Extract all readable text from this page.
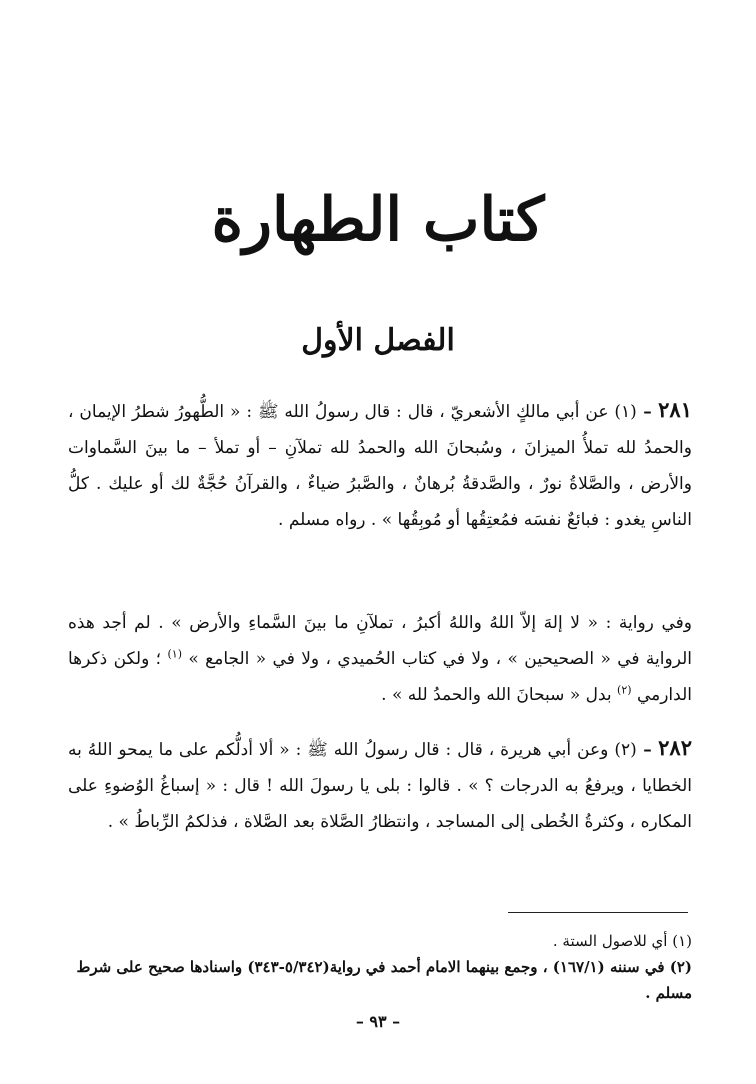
كتاب الطهارة
الفصل الأول

٢٨١ – (١) عن أبي مالكٍ الأشعريّ ، قال : قال رسولُ الله ﷺ : « الطُّهورُ شطرُ الإيمان ، والحمدُ لله تملأُ الميزانَ ، وسُبحانَ الله والحمدُ لله تملآنِ – أو تملأ – ما بينَ السَّماوات والأرض ، والصَّلاةُ نورٌ ، والصَّدقةُ بُرهانٌ ، والصَّبرُ ضياءٌ ، والقرآنُ حُجَّةٌ لك أو عليك . كلُّ الناسِ يغدو : فبائعٌ نفسَه فمُعتِقُها أو مُوبِقُها » . رواه مسلم .

وفي رواية : « لا إلهَ إلاّ اللهُ واللهُ أكبرُ ، تملآنِ ما بينَ السَّماءِ والأرض » . لم أجد هذه الرواية في « الصحيحين » ، ولا في كتاب الحُميدي ، ولا في « الجامع » $^{(١)}$ ؛ ولكن ذكرها الدارمي $^{(٢)}$ بدل « سبحانَ الله والحمدُ لله » .

٢٨٢ – (٢) وعن أبي هريرة ، قال : قال رسولُ الله ﷺ : « ألا أدلُّكم على ما يمحو اللهُ به الخطايا ، ويرفعُ به الدرجات ؟ » . قالوا : بلى يا رسولَ الله ! قال : « إسباغُ الوُضوءِ على المكاره ، وكثرةُ الخُطى إلى المساجد ، وانتظارُ الصَّلاة بعد الصَّلاة ، فذلكمُ الرِّباطُ » .

(١) أي للاصول الستة .

(٢) في سننه (١٦٧/١) ، وجمع بينهما الامام أحمد في رواية(٥/٣٤٢-٣٤٣) واسنادها صحيح على شرط مسلم .

– ٩٣ –
